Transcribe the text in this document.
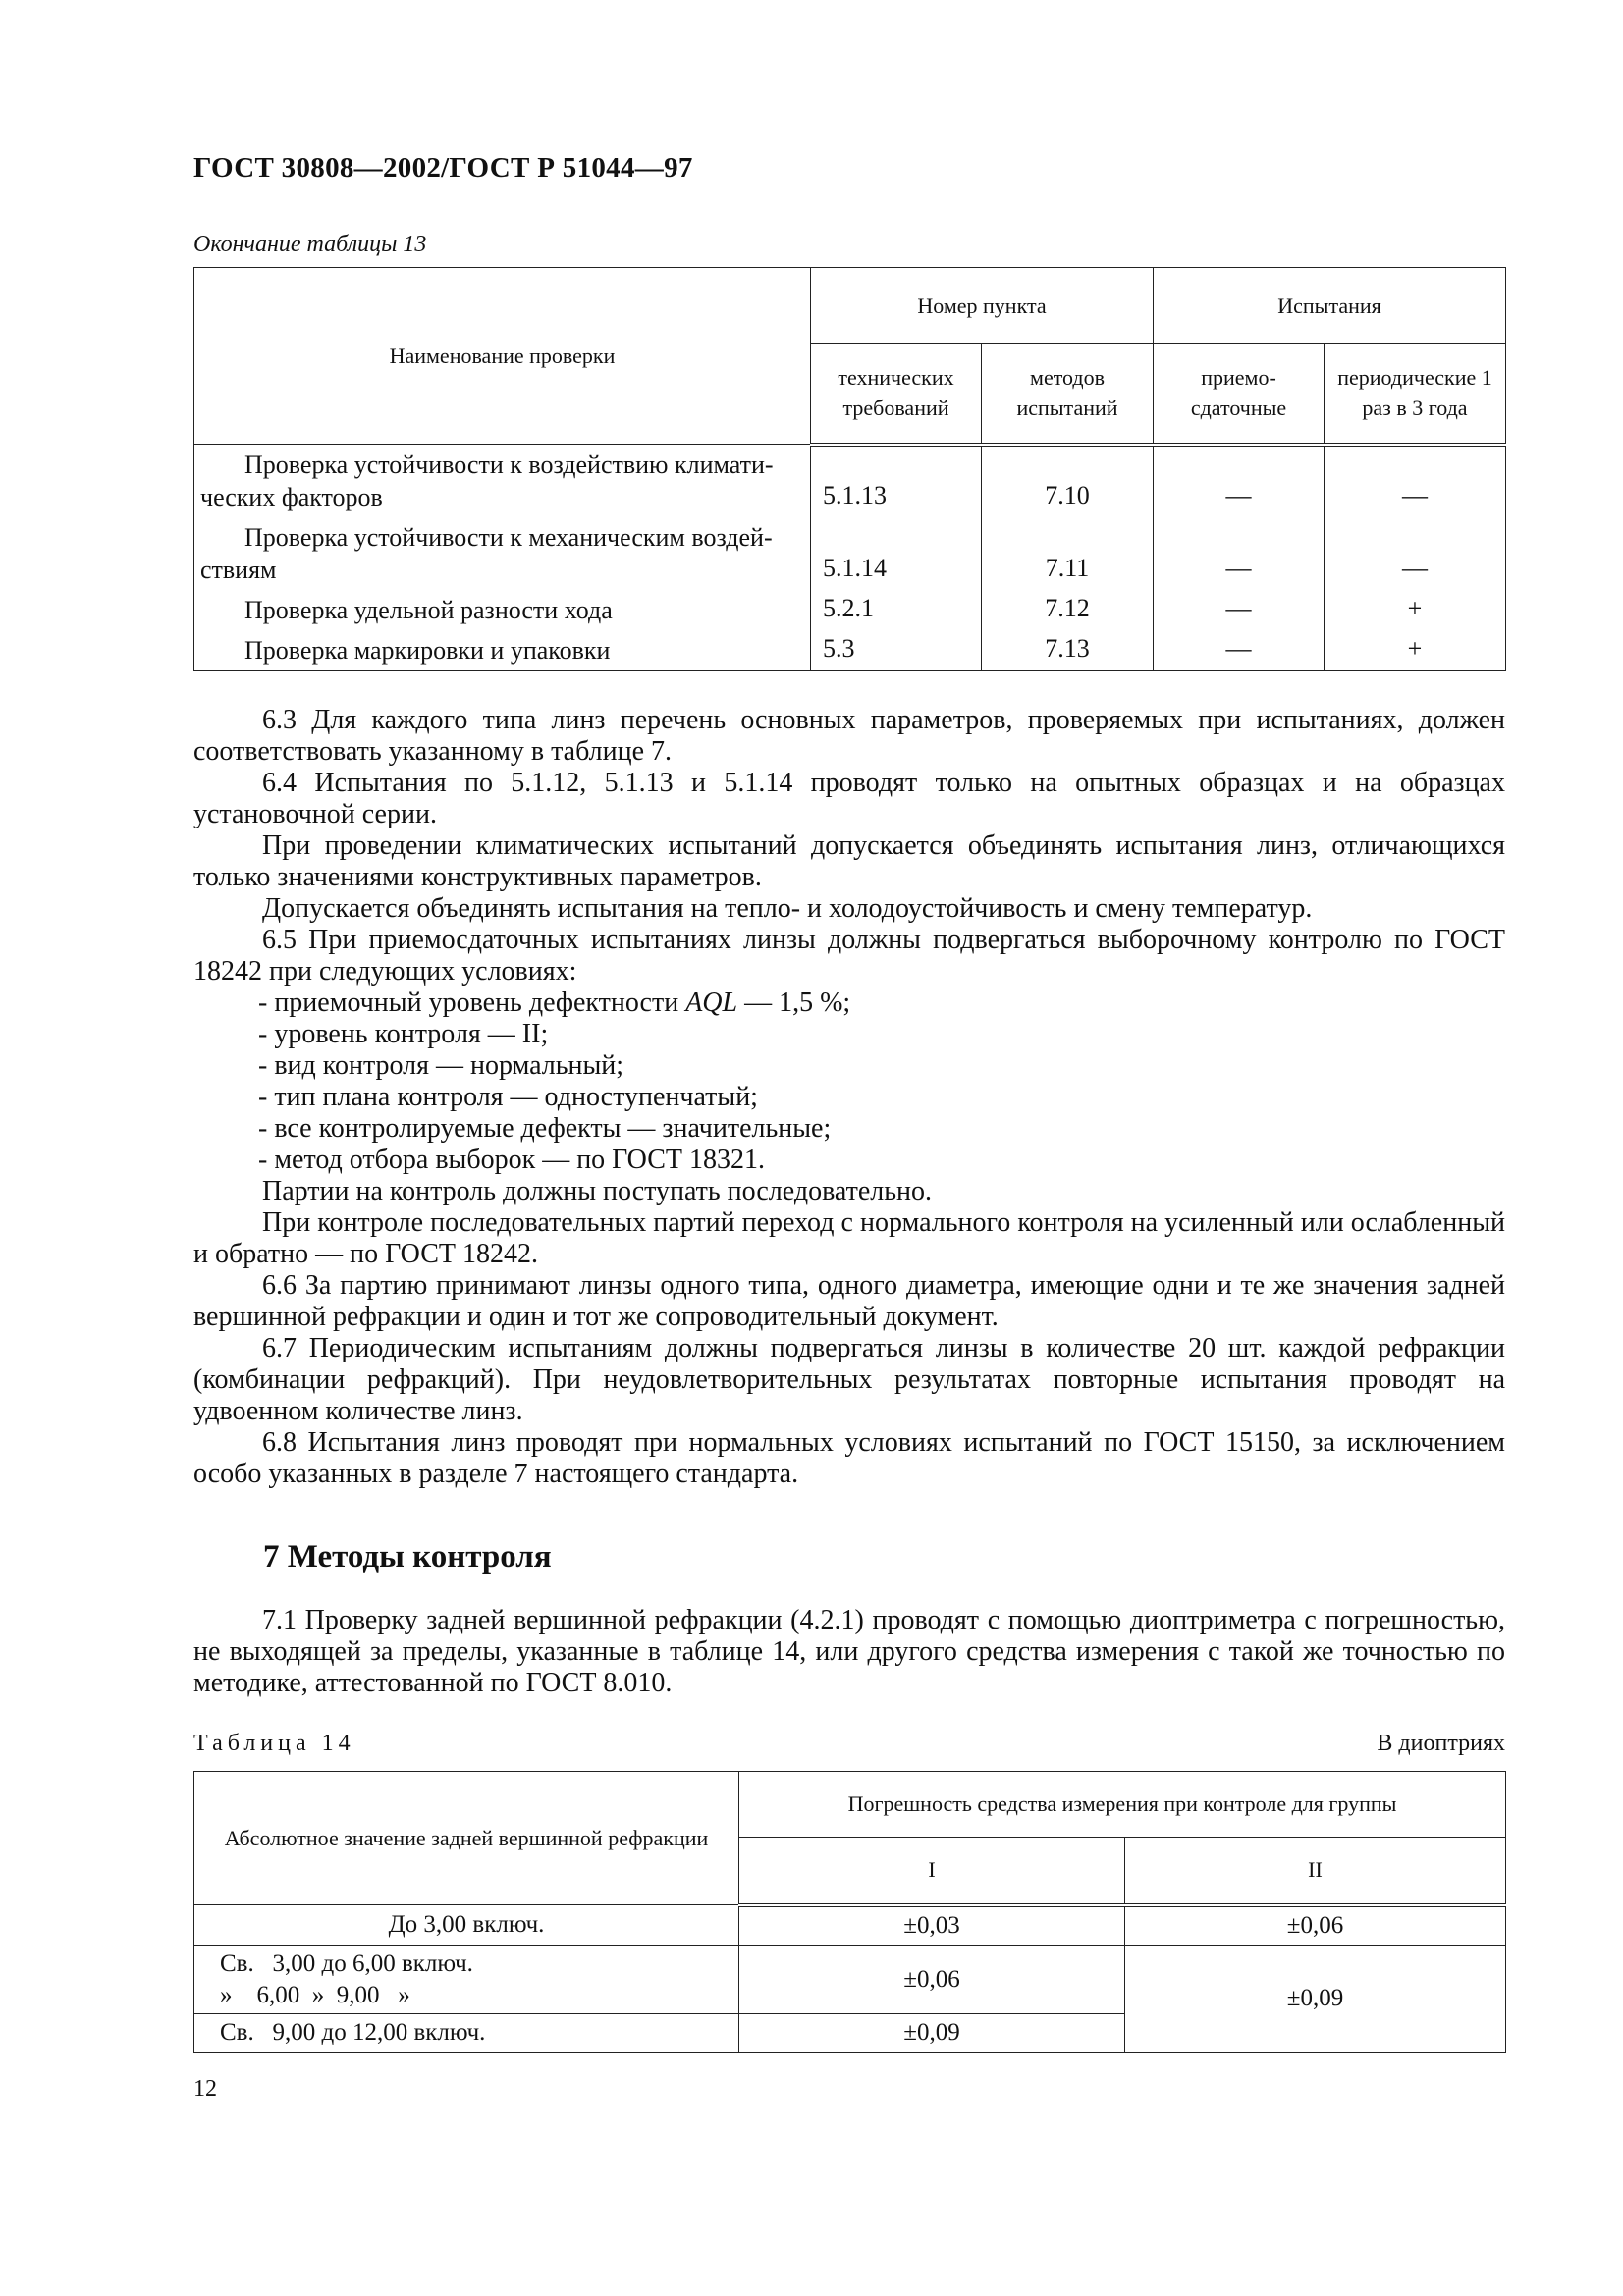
ГОСТ 30808—2002/ГОСТ Р 51044—97
Окончание таблицы 13
Наименование проверки	Номер пункта		Испытания	
	технических требований	методов испытаний	приемо- сдаточные	периодические 1 раз в 3 года

Проверка устойчивости к воздействию климати-
ческих факторов	5.1.13	7.10	—	—

Проверка устойчивости к механическим воздей-
ствиям	5.1.14	7.11	—	—

Проверка удельной разности хода	5.2.1	7.12	—	+

Проверка маркировки и упаковки	5.3	7.13	—	+

6.3 Для каждого типа линз перечень основных параметров, проверяемых при испытаниях, должен соответствовать указанному в таблице 7.

6.4 Испытания по 5.1.12, 5.1.13 и 5.1.14 проводят только на опытных образцах и на образцах установочной серии.

При проведении климатических испытаний допускается объединять испытания линз, отличающихся только значениями конструктивных параметров.

Допускается объединять испытания на тепло- и холодоустойчивость и смену температур.

6.5 При приемосдаточных испытаниях линзы должны подвергаться выборочному контролю по ГОСТ 18242 при следующих условиях:

- приемочный уровень дефектности AQL — 1,5 %;

- уровень контроля — II;

- вид контроля — нормальный;

- тип плана контроля — одноступенчатый;

- все контролируемые дефекты — значительные;

- метод отбора выборок — по ГОСТ 18321.

Партии на контроль должны поступать последовательно.

При контроле последовательных партий переход с нормального контроля на усиленный или ослабленный и обратно — по ГОСТ 18242.

6.6 За партию принимают линзы одного типа, одного диаметра, имеющие одни и те же значения задней вершинной рефракции и один и тот же сопроводительный документ.

6.7 Периодическим испытаниям должны подвергаться линзы в количестве 20 шт. каждой рефракции (комбинации рефракций). При неудовлетворительных результатах повторные испытания проводят на удвоенном количестве линз.

6.8 Испытания линз проводят при нормальных условиях испытаний по ГОСТ 15150, за исключением особо указанных в разделе 7 настоящего стандарта.

7 Методы контроля

7.1 Проверку задней вершинной рефракции (4.2.1) проводят с помощью диоптриметра с погрешностью, не выходящей за пределы, указанные в таблице 14, или другого средства измерения с такой же точностью по методике, аттестованной по ГОСТ 8.010.

Таблица 14	В диоптриях
Абсолютное значение задней вершинной рефракции	Погрешность средства измерения при контроле для группы	
	I	II
До 3,00 включ.	±0,03	±0,06

Св.   3,00 до 6,00 включ.
»    6,00  »  9,00   »	±0,06	±0,09
Св.   9,00 до 12,00 включ.	±0,09	
12
